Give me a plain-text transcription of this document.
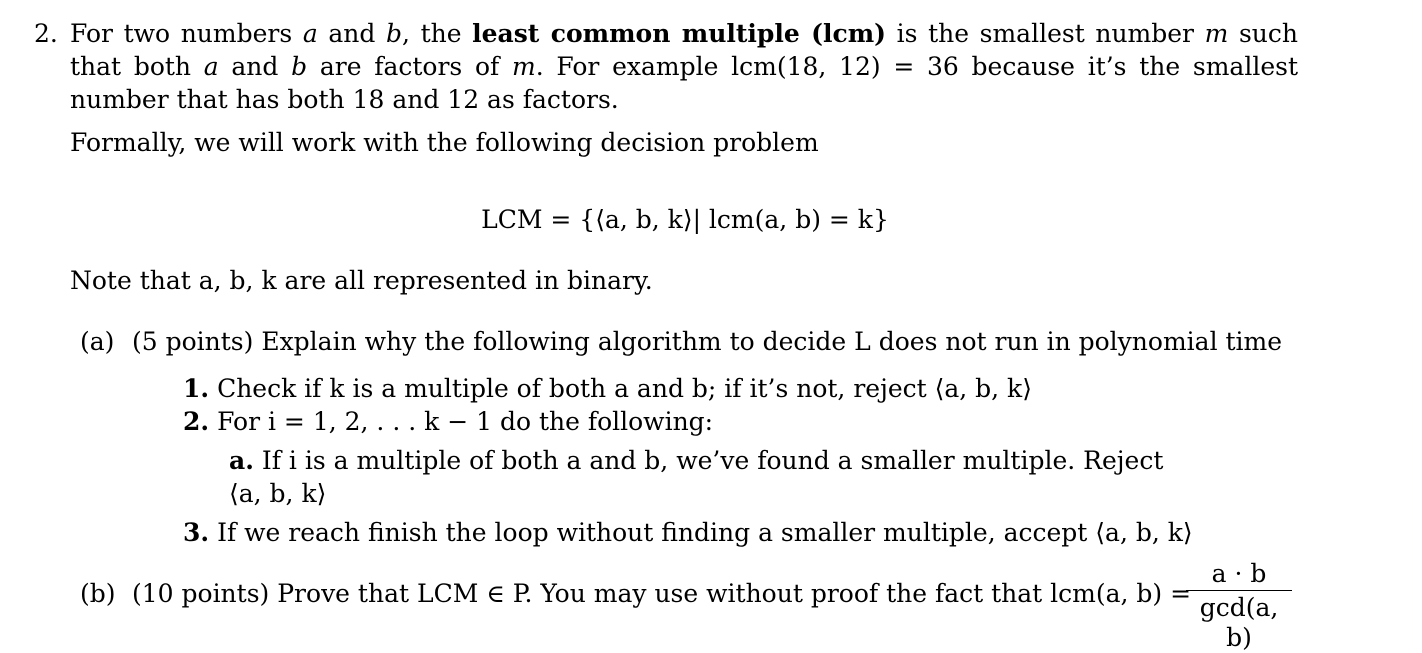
2. For two numbers a and b, the least common multiple (lcm) is the smallest number m such that both a and b are factors of m. For example lcm(18, 12) = 36 because it’s the smallest number that has both 18 and 12 as factors.
Formally, we will work with the following decision problem
LCM = {⟨a, b, k⟩| lcm(a, b) = k}
Note that a, b, k are all represented in binary.
(a) (5 points) Explain why the following algorithm to decide L does not run in polynomial time
1. Check if k is a multiple of both a and b; if it’s not, reject ⟨a, b, k⟩
2. For i = 1, 2, . . . k − 1 do the following:
a. If i is a multiple of both a and b, we’ve found a smaller multiple. Reject
⟨a, b, k⟩
3. If we reach finish the loop without finding a smaller multiple, accept ⟨a, b, k⟩
(b) (10 points) Prove that LCM ∈ P. You may use without proof the fact that lcm(a, b) =
a · b
gcd(a, b)
